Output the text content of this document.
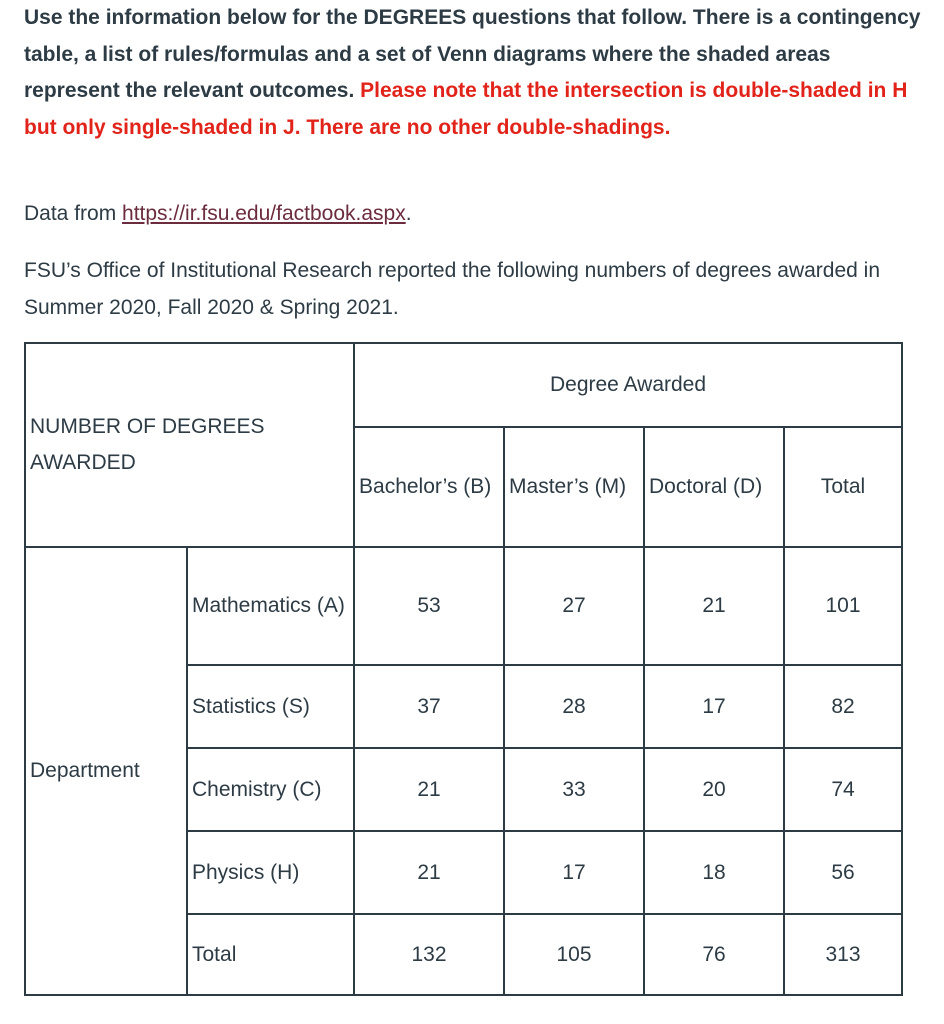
Use the information below for the DEGREES questions that follow. There is a contingency table, a list of rules/formulas and a set of Venn diagrams where the shaded areas represent the relevant outcomes. Please note that the intersection is double-shaded in H but only single-shaded in J. There are no other double-shadings.

Data from https://ir.fsu.edu/factbook.aspx.

FSU’s Office of Institutional Research reported the following numbers of degrees awarded in Summer 2020, Fall 2020 & Spring 2021.

NUMBER OF DEGREES AWARDED		Degree Awarded			
		Bachelor’s (B)	Master’s (M)	Doctoral (D)	Total
Department	Mathematics (A)	53	27	21	101
	Statistics (S)	37	28	17	82
	Chemistry (C)	21	33	20	74
	Physics (H)	21	17	18	56
	Total	132	105	76	313
